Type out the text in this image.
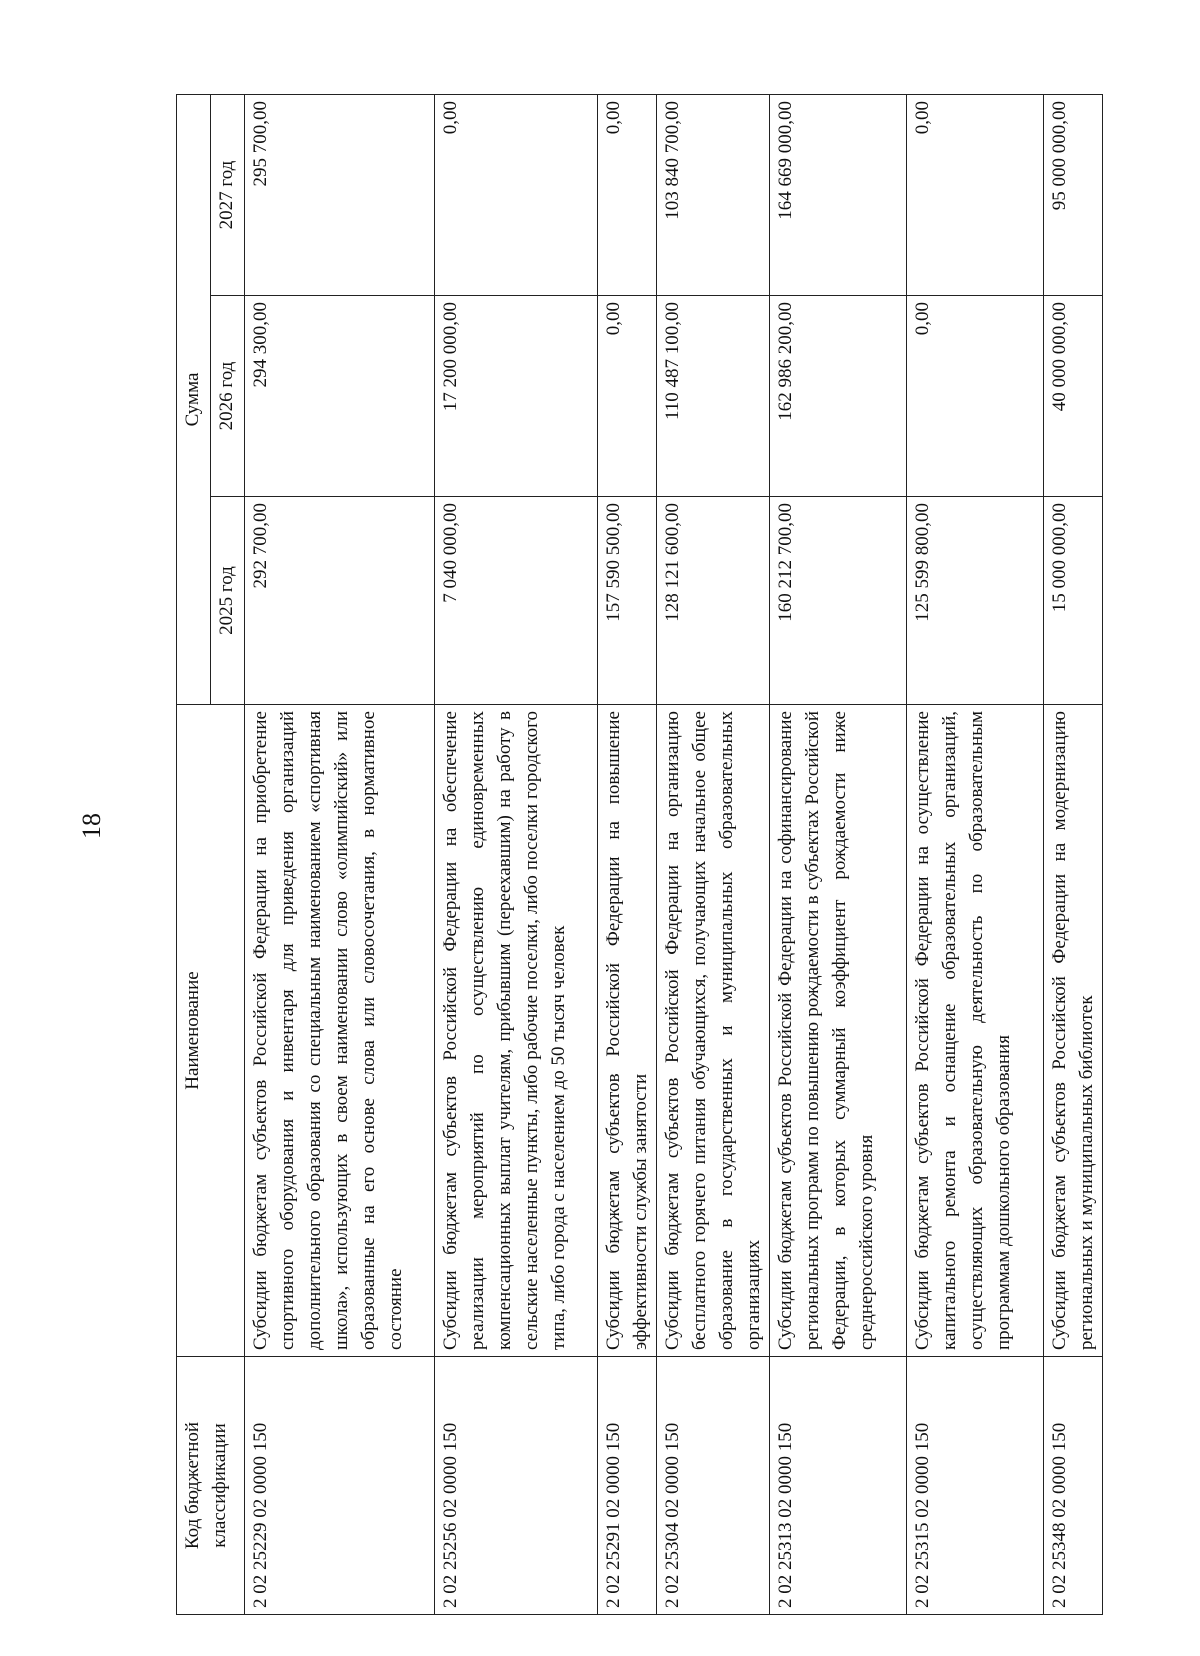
18
Код бюджетной классификации	Наименование	Сумма		
		2025 год	2026 год	2027 год
2 02 25229 02 0000 150	Субсидии бюджетам субъектов Российской Федерации на приобретение спортивного оборудования и инвентаря для приведения организаций дополнительного образования со специальным наименованием «спортивная школа», использующих в своем наименовании слово «олимпийский» или образованные на его основе слова или словосочетания, в нормативное состояние	292 700,00	294 300,00	295 700,00
2 02 25256 02 0000 150	Субсидии бюджетам субъектов Российской Федерации на обеспечение реализации мероприятий по осуществлению единовременных компенсационных выплат учителям, прибывшим (переехавшим) на работу в сельские населенные пункты, либо рабочие поселки, либо поселки городского типа, либо города с населением до 50 тысяч человек	7 040 000,00	17 200 000,00	0,00
2 02 25291 02 0000 150	Субсидии бюджетам субъектов Российской Федерации на повышение эффективности службы занятости	157 590 500,00	0,00	0,00
2 02 25304 02 0000 150	Субсидии бюджетам субъектов Российской Федерации на организацию бесплатного горячего питания обучающихся, получающих начальное общее образование в государственных и муниципальных образовательных организациях	128 121 600,00	110 487 100,00	103 840 700,00
2 02 25313 02 0000 150	Субсидии бюджетам субъектов Российской Федерации на софинансирование региональных программ по повышению рождаемости в субъектах Российской Федерации, в которых суммарный коэффициент рождаемости ниже среднероссийского уровня	160 212 700,00	162 986 200,00	164 669 000,00
2 02 25315 02 0000 150	Субсидии бюджетам субъектов Российской Федерации на осуществление капитального ремонта и оснащение образовательных организаций, осуществляющих образовательную деятельность по образовательным программам дошкольного образования	125 599 800,00	0,00	0,00
2 02 25348 02 0000 150	Субсидии бюджетам субъектов Российской Федерации на модернизацию региональных и муниципальных библиотек	15 000 000,00	40 000 000,00	95 000 000,00
